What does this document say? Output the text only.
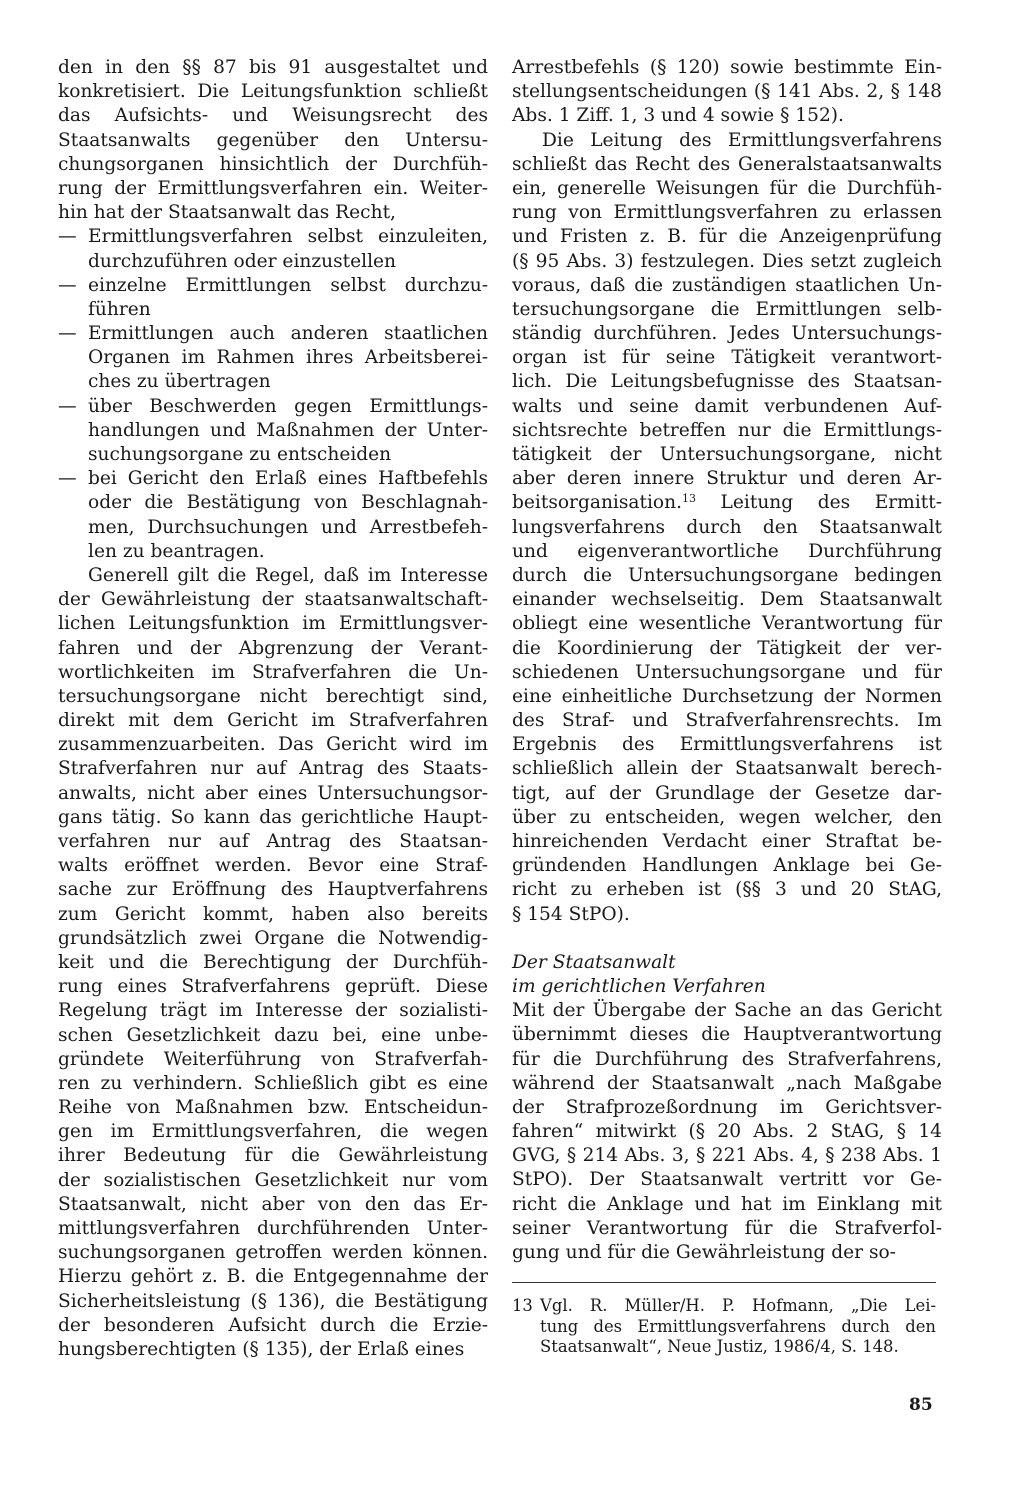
den in den §§ 87 bis 91 ausgestaltet und
konkretisiert. Die Leitungsfunktion schließt
das Aufsichts- und Weisungsrecht des
Staatsanwalts gegenüber den Untersu-
chungsorganen hinsichtlich der Durchfüh-
rung der Ermittlungsverfahren ein. Weiter-
hin hat der Staatsanwalt das Recht,
— Ermittlungsverfahren selbst einzuleiten,
durchzuführen oder einzustellen
— einzelne Ermittlungen selbst durchzu-
führen
— Ermittlungen auch anderen staatlichen
Organen im Rahmen ihres Arbeitsberei-
ches zu übertragen
— über Beschwerden gegen Ermittlungs-
handlungen und Maßnahmen der Unter-
suchungsorgane zu entscheiden
— bei Gericht den Erlaß eines Haftbefehls
oder die Bestätigung von Beschlagnah-
men, Durchsuchungen und Arrestbefeh-
len zu beantragen.
Generell gilt die Regel, daß im Interesse
der Gewährleistung der staatsanwaltschaft-
lichen Leitungsfunktion im Ermittlungsver-
fahren und der Abgrenzung der Verant-
wortlichkeiten im Strafverfahren die Un-
tersuchungsorgane nicht berechtigt sind,
direkt mit dem Gericht im Strafverfahren
zusammenzuarbeiten. Das Gericht wird im
Strafverfahren nur auf Antrag des Staats-
anwalts, nicht aber eines Untersuchungsor-
gans tätig. So kann das gerichtliche Haupt-
verfahren nur auf Antrag des Staatsan-
walts eröffnet werden. Bevor eine Straf-
sache zur Eröffnung des Hauptverfahrens
zum Gericht kommt, haben also bereits
grundsätzlich zwei Organe die Notwendig-
keit und die Berechtigung der Durchfüh-
rung eines Strafverfahrens geprüft. Diese
Regelung trägt im Interesse der sozialisti-
schen Gesetzlichkeit dazu bei, eine unbe-
gründete Weiterführung von Strafverfah-
ren zu verhindern. Schließlich gibt es eine
Reihe von Maßnahmen bzw. Entscheidun-
gen im Ermittlungsverfahren, die wegen
ihrer Bedeutung für die Gewährleistung
der sozialistischen Gesetzlichkeit nur vom
Staatsanwalt, nicht aber von den das Er-
mittlungsverfahren durchführenden Unter-
suchungsorganen getroffen werden können.
Hierzu gehört z. B. die Entgegennahme der
Sicherheitsleistung (§ 136), die Bestätigung
der besonderen Aufsicht durch die Erzie-
hungsberechtigten (§ 135), der Erlaß eines
Arrestbefehls (§ 120) sowie bestimmte Ein-
stellungsentscheidungen (§ 141 Abs. 2, § 148
Abs. 1 Ziff. 1, 3 und 4 sowie § 152).
Die Leitung des Ermittlungsverfahrens
schließt das Recht des Generalstaatsanwalts
ein, generelle Weisungen für die Durchfüh-
rung von Ermittlungsverfahren zu erlassen
und Fristen z. B. für die Anzeigenprüfung
(§ 95 Abs. 3) festzulegen. Dies setzt zugleich
voraus, daß die zuständigen staatlichen Un-
tersuchungsorgane die Ermittlungen selb-
ständig durchführen. Jedes Untersuchungs-
organ ist für seine Tätigkeit verantwort-
lich. Die Leitungsbefugnisse des Staatsan-
walts und seine damit verbundenen Auf-
sichtsrechte betreffen nur die Ermittlungs-
tätigkeit der Untersuchungsorgane, nicht
aber deren innere Struktur und deren Ar-
beitsorganisation.$^{13}$ Leitung des Ermitt-
lungsverfahrens durch den Staatsanwalt
und eigenverantwortliche Durchführung
durch die Untersuchungsorgane bedingen
einander wechselseitig. Dem Staatsanwalt
obliegt eine wesentliche Verantwortung für
die Koordinierung der Tätigkeit der ver-
schiedenen Untersuchungsorgane und für
eine einheitliche Durchsetzung der Normen
des Straf- und Strafverfahrensrechts. Im
Ergebnis des Ermittlungsverfahrens ist
schließlich allein der Staatsanwalt berech-
tigt, auf der Grundlage der Gesetze dar-
über zu entscheiden, wegen welcher, den
hinreichenden Verdacht einer Straftat be-
gründenden Handlungen Anklage bei Ge-
richt zu erheben ist (§§ 3 und 20 StAG,
§ 154 StPO).
Der Staatsanwalt
im gerichtlichen Verfahren
Mit der Übergabe der Sache an das Gericht
übernimmt dieses die Hauptverantwortung
für die Durchführung des Strafverfahrens,
während der Staatsanwalt „nach Maßgabe
der Strafprozeßordnung im Gerichtsver-
fahren“ mitwirkt (§ 20 Abs. 2 StAG, § 14
GVG, § 214 Abs. 3, § 221 Abs. 4, § 238 Abs. 1
StPO). Der Staatsanwalt vertritt vor Ge-
richt die Anklage und hat im Einklang mit
seiner Verantwortung für die Strafverfol-
gung und für die Gewährleistung der so-
13 Vgl. R. Müller/H. P. Hofmann, „Die Lei-
tung des Ermittlungsverfahrens durch den
Staatsanwalt“, Neue Justiz, 1986/4, S. 148.
85
